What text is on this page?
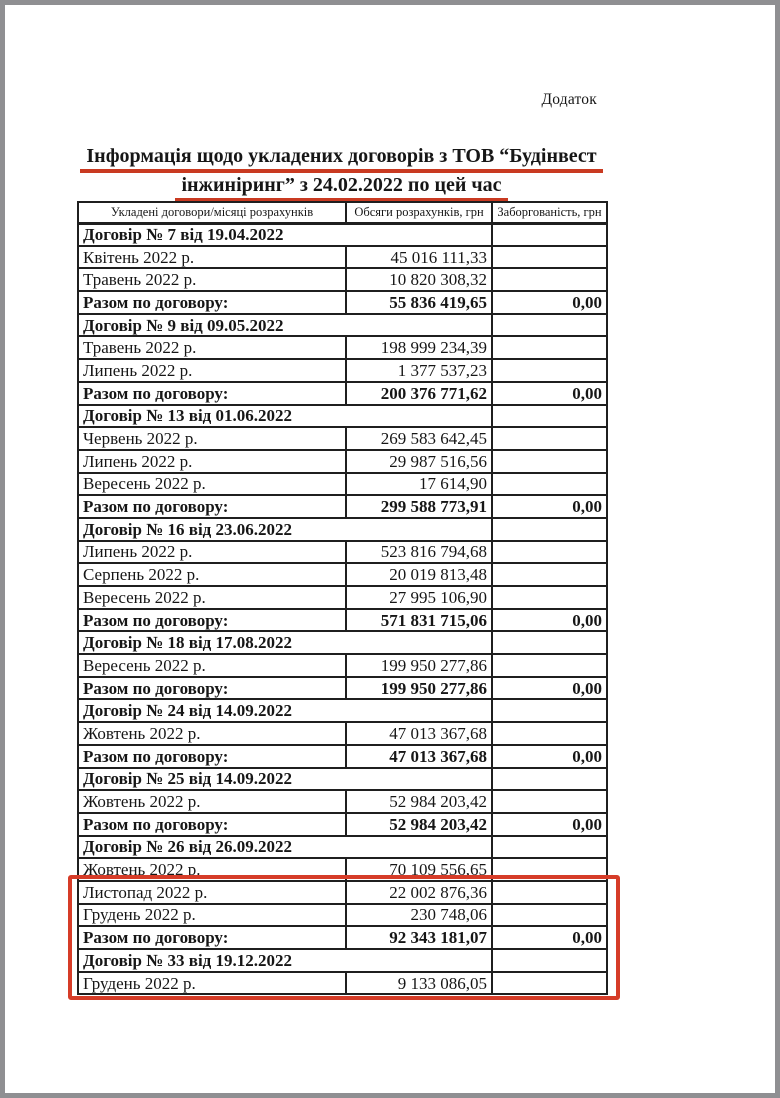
Додаток
Інформація щодо укладених договорів з ТОВ “Будінвест
інжиніринг” з 24.02.2022 по цей час
Укладені договори/місяці розрахунків	Обсяги розрахунків, грн	Заборгованість, грн
Договір № 7 від 19.04.2022		
Квітень 2022 р.	45 016 111,33	
Травень 2022 р.	10 820 308,32	
Разом по договору:	55 836 419,65	0,00
Договір № 9 від 09.05.2022		
Травень 2022 р.	198 999 234,39	
Липень 2022 р.	1 377 537,23	
Разом по договору:	200 376 771,62	0,00
Договір № 13 від 01.06.2022		
Червень 2022 р.	269 583 642,45	
Липень 2022 р.	29 987 516,56	
Вересень 2022 р.	17 614,90	
Разом по договору:	299 588 773,91	0,00
Договір № 16 від 23.06.2022		
Липень 2022 р.	523 816 794,68	
Серпень 2022 р.	20 019 813,48	
Вересень 2022 р.	27 995 106,90	
Разом по договору:	571 831 715,06	0,00
Договір № 18 від 17.08.2022		
Вересень 2022 р.	199 950 277,86	
Разом по договору:	199 950 277,86	0,00
Договір № 24 від 14.09.2022		
Жовтень 2022 р.	47 013 367,68	
Разом по договору:	47 013 367,68	0,00
Договір № 25 від 14.09.2022		
Жовтень 2022 р.	52 984 203,42	
Разом по договору:	52 984 203,42	0,00
Договір № 26 від 26.09.2022		
Жовтень 2022 р.	70 109 556,65	
Листопад 2022 р.	22 002 876,36	
Грудень 2022 р.	230 748,06	
Разом по договору:	92 343 181,07	0,00
Договір № 33 від 19.12.2022		
Грудень 2022 р.	9 133 086,05	
